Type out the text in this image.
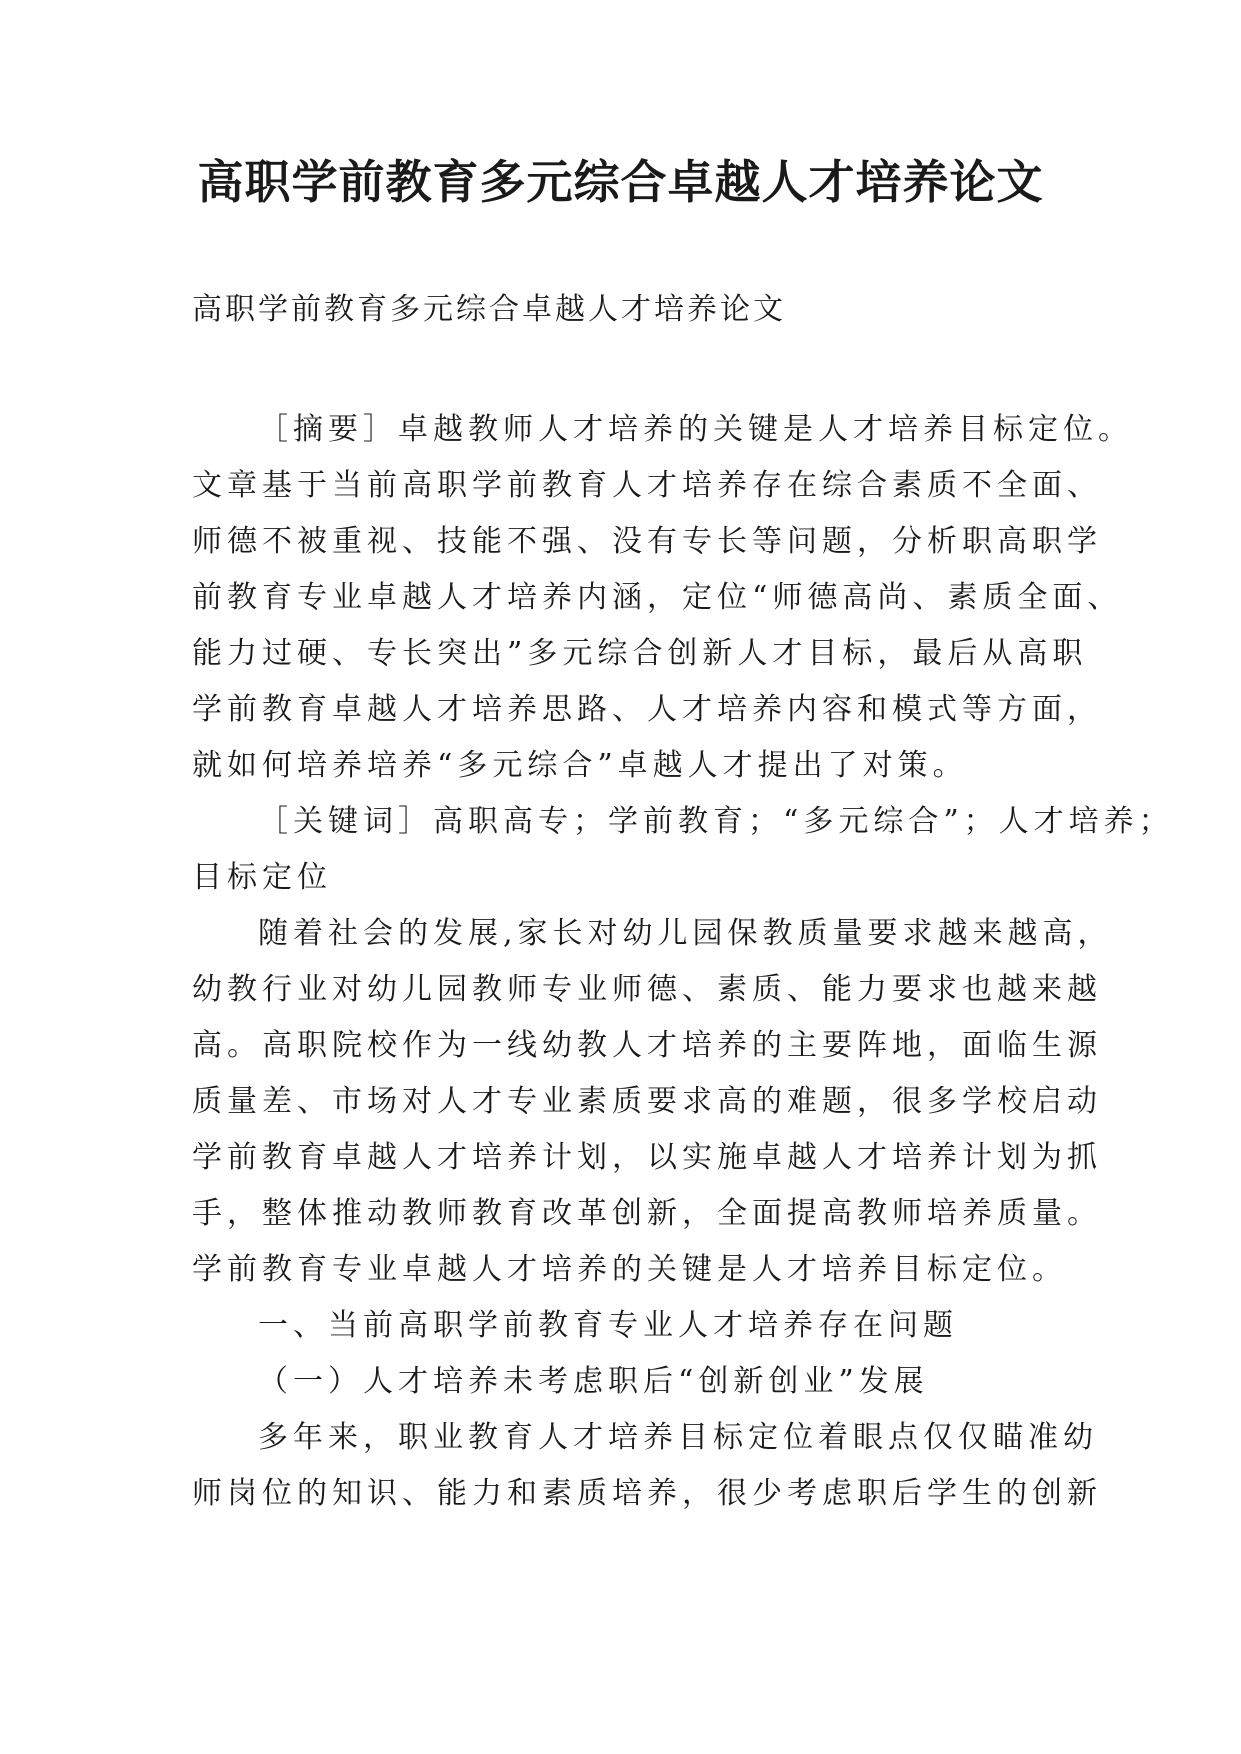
高职学前教育多元综合卓越人才培养论文
高职学前教育多元综合卓越人才培养论文
［摘要］卓越教师人才培养的关键是人才培养目标定位。
文章基于当前高职学前教育人才培养存在综合素质不全面、
师德不被重视、技能不强、没有专长等问题，分析职高职学
前教育专业卓越人才培养内涵，定位“师德高尚、素质全面、
能力过硬、专长突出”多元综合创新人才目标，最后从高职
学前教育卓越人才培养思路、人才培养内容和模式等方面，
就如何培养培养“多元综合”卓越人才提出了对策。
［关键词］高职高专；学前教育；“多元综合”；人才培养；
目标定位
随着社会的发展,家长对幼儿园保教质量要求越来越高，
幼教行业对幼儿园教师专业师德、素质、能力要求也越来越
高。高职院校作为一线幼教人才培养的主要阵地，面临生源
质量差、市场对人才专业素质要求高的难题，很多学校启动
学前教育卓越人才培养计划，以实施卓越人才培养计划为抓
手，整体推动教师教育改革创新，全面提高教师培养质量。
学前教育专业卓越人才培养的关键是人才培养目标定位。
一、当前高职学前教育专业人才培养存在问题
（一）人才培养未考虑职后“创新创业”发展
多年来，职业教育人才培养目标定位着眼点仅仅瞄准幼
师岗位的知识、能力和素质培养，很少考虑职后学生的创新
